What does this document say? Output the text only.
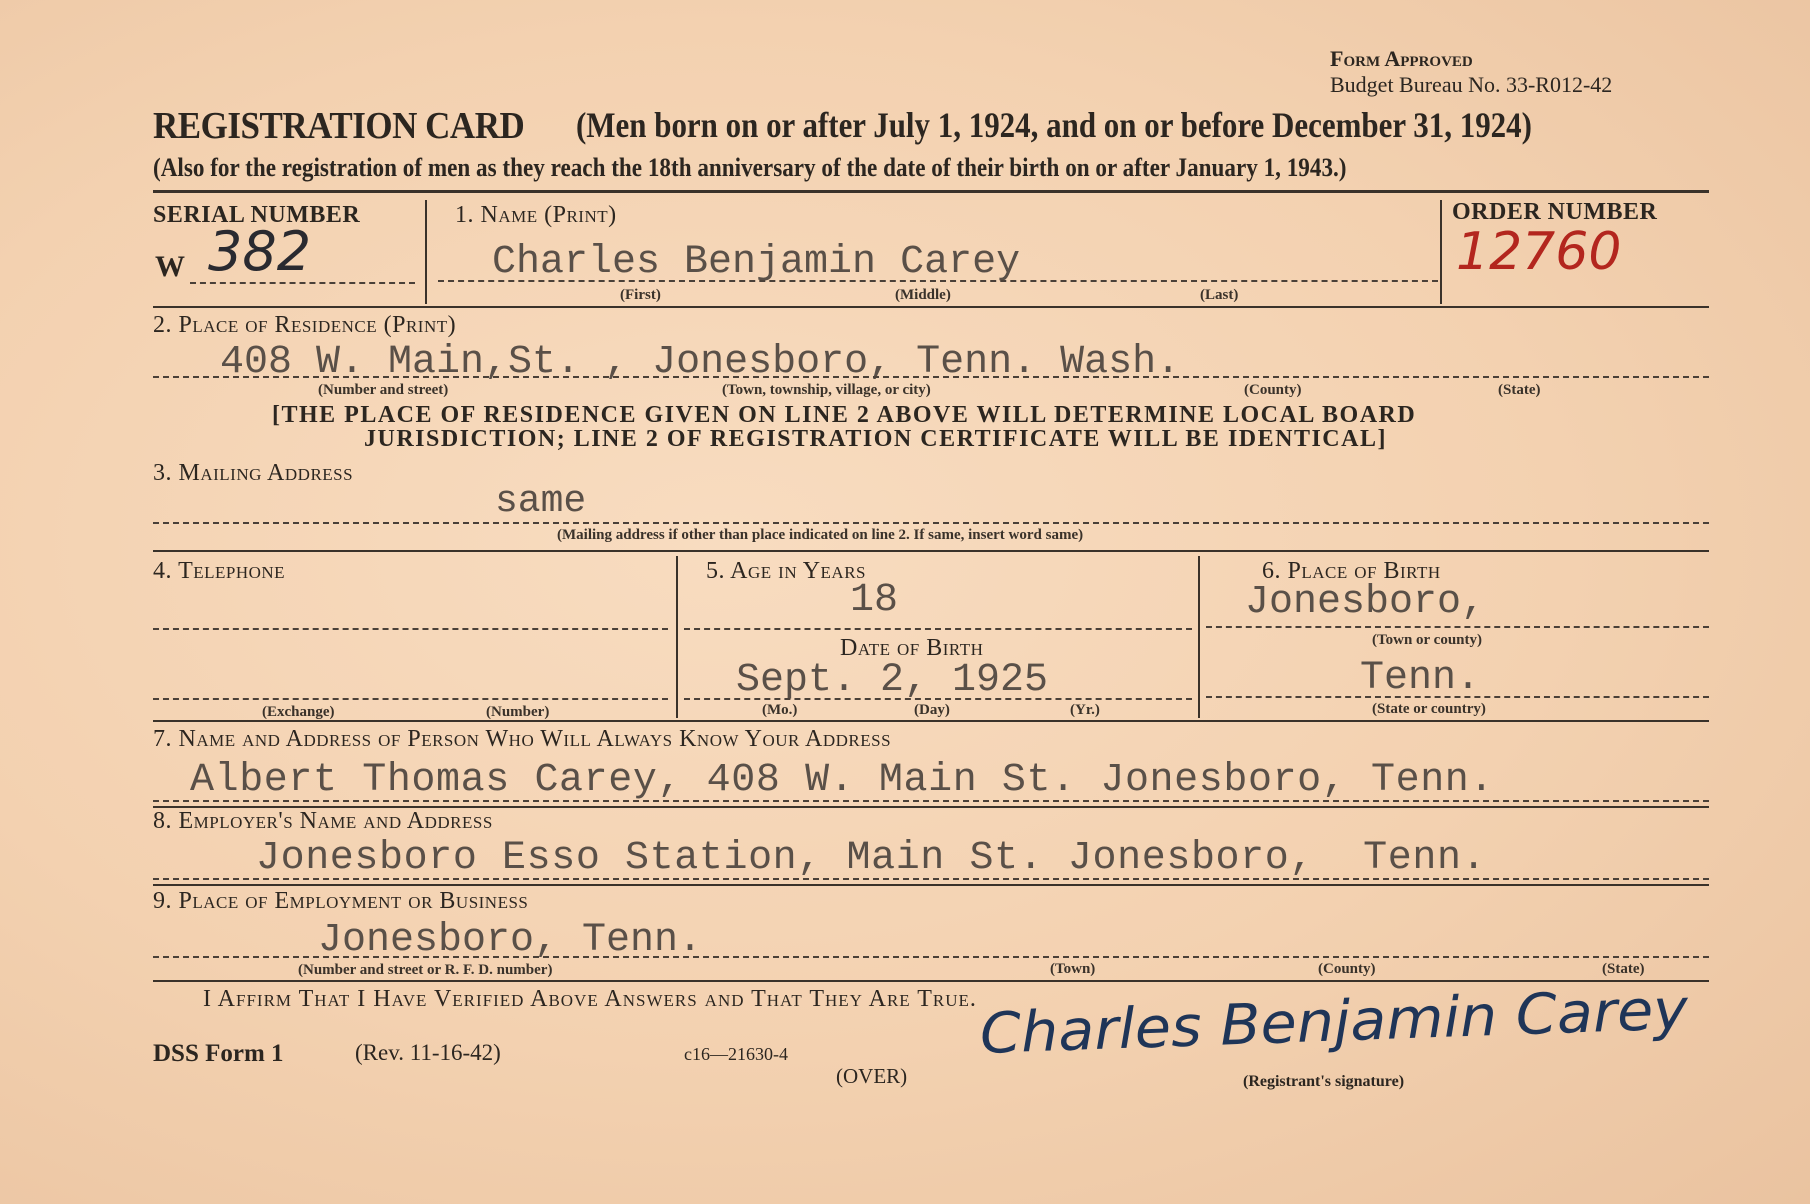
Form Approved
Budget Bureau No. 33-R012-42
REGISTRATION CARD (Men born on or after July 1, 1924, and on or before December 31, 1924)
(Also for the registration of men as they reach the 18th anniversary of the date of their birth on or after January 1, 1943.)
SERIAL NUMBER
W 382
1. Name (Print)
Charles Benjamin Carey
(First)	(Middle)	(Last)
ORDER NUMBER
12760
2. Place of Residence (Print)
408 W. Main,St. , Jonesboro, Tenn. Wash.
(Number and street)	(Town, township, village, or city)	(County)	(State)
[THE PLACE OF RESIDENCE GIVEN ON LINE 2 ABOVE WILL DETERMINE LOCAL BOARD
JURISDICTION; LINE 2 OF REGISTRATION CERTIFICATE WILL BE IDENTICAL]
3. Mailing Address
same
(Mailing address if other than place indicated on line 2. If same, insert word same)
4. Telephone
(Exchange)	(Number)
5. Age in Years
18
Date of Birth
Sept. 2, 1925
(Mo.)	(Day)	(Yr.)
6. Place of Birth
Jonesboro,
(Town or county)
Tenn.
(State or country)
7. Name and Address of Person Who Will Always Know Your Address
Albert Thomas Carey, 408 W. Main St. Jonesboro, Tenn.
8. Employer's Name and Address
Jonesboro Esso Station, Main St. Jonesboro,  Tenn.
9. Place of Employment or Business
Jonesboro, Tenn.
(Number and street or R. F. D. number)	(Town)	(County)	(State)
I Affirm That I Have Verified Above Answers and That They Are True.
DSS Form 1	(Rev. 11-16-42)	c16—21630-4
(OVER)
Charles Benjamin Carey
(Registrant's signature)
